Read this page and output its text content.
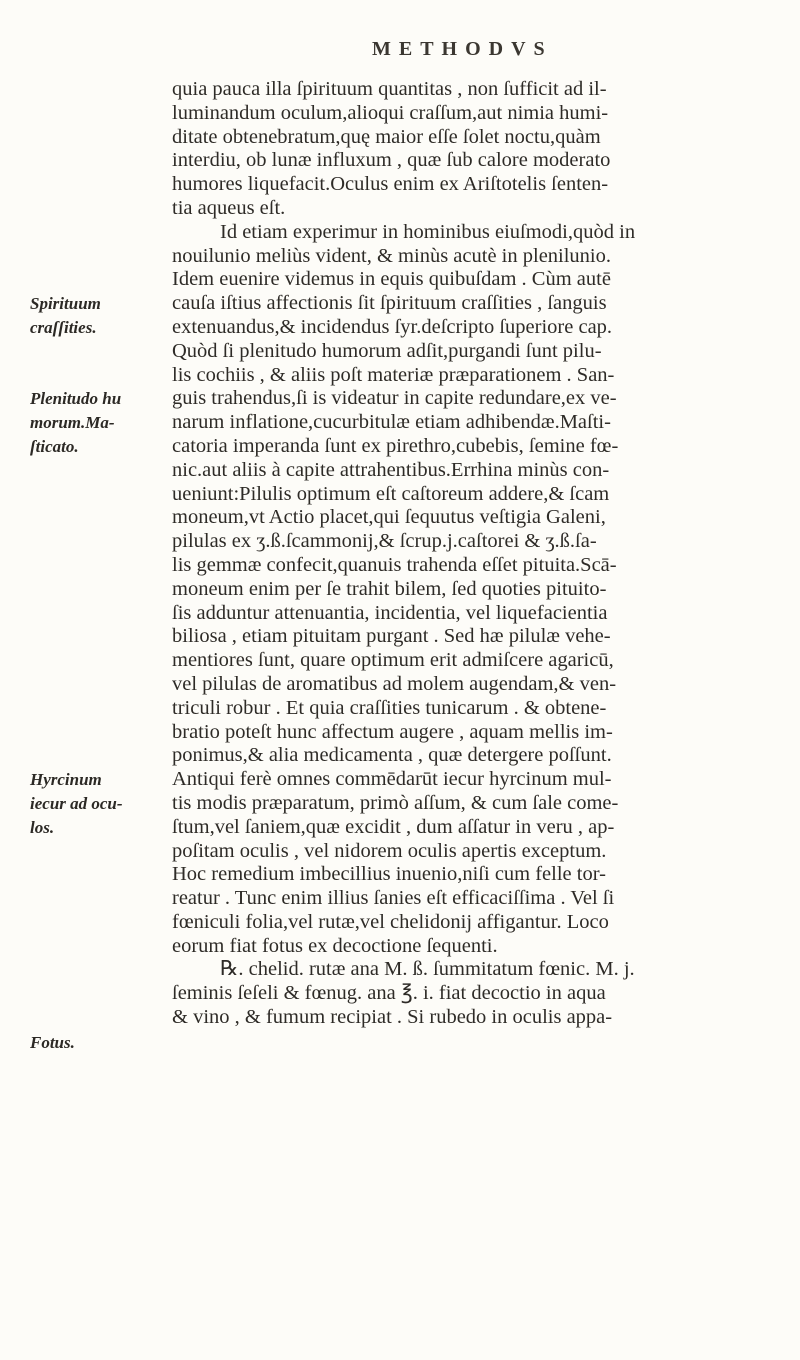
METHODVS
quia pauca illa ſpirituum quantitas , non ſufficit ad il-
luminandum oculum,alioqui craſſum,aut nimia humi-
ditate obtenebratum,quę maior eſſe ſolet noctu,quàm
interdiu, ob lunæ influxum , quæ ſub calore moderato
humores liquefacit.Oculus enim ex Ariſtotelis ſenten-
tia aqueus eſt.
Id etiam experimur in hominibus eiuſmodi,quòd in
nouilunio meliùs vident, & minùs acutè in plenilunio.
Idem euenire videmus in equis quibuſdam . Cùm autē
cauſa iſtius affectionis ſit ſpirituum craſſities , ſanguis
extenuandus,& incidendus ſyr.deſcripto ſuperiore cap.
Quòd ſi plenitudo humorum adſit,purgandi ſunt pilu-
lis cochiis , & aliis poſt materiæ præparationem . San-
guis trahendus,ſi is videatur in capite redundare,ex ve-
narum inflatione,cucurbitulæ etiam adhibendæ.Maſti-
catoria imperanda ſunt ex pirethro,cubebis, ſemine fœ-
nic.aut aliis à capite attrahentibus.Errhina minùs con-
ueniunt:Pilulis optimum eſt caſtoreum addere,& ſcam
moneum,vt Actio placet,qui ſequutus veſtigia Galeni,
pilulas ex ʒ.ß.ſcammonij,& ſcrup.j.caſtorei & ʒ.ß.ſa-
lis gemmæ confecit,quanuis trahenda eſſet pituita.Scā-
moneum enim per ſe trahit bilem, ſed quoties pituito-
ſis adduntur attenuantia, incidentia, vel liquefacientia
biliosa , etiam pituitam purgant . Sed hæ pilulæ vehe-
mentiores ſunt, quare optimum erit admiſcere agaricū,
vel pilulas de aromatibus ad molem augendam,& ven-
triculi robur . Et quia craſſities tunicarum . & obtene-
bratio poteſt hunc affectum augere , aquam mellis im-
ponimus,& alia medicamenta , quæ detergere poſſunt.
Antiqui ferè omnes commēdarūt iecur hyrcinum mul-
tis modis præparatum, primò aſſum, & cum ſale come-
ſtum,vel ſaniem,quæ excidit , dum aſſatur in veru , ap-
poſitam oculis , vel nidorem oculis apertis exceptum.
Hoc remedium imbecillius inuenio,niſi cum felle tor-
reatur . Tunc enim illius ſanies eſt efficaciſſima . Vel ſi
fœniculi folia,vel rutæ,vel chelidonij affigantur. Loco
eorum fiat fotus ex decoctione ſequenti.
℞. chelid. rutæ ana M. ß. ſummitatum fœnic. M. j.
ſeminis ſeſeli & fœnug. ana ℥. i. fiat decoctio in aqua
& vino , & fumum recipiat . Si rubedo in oculis appa-
Spirituum
craſſities.
Plenitudo hu
morum.Ma-
ſticato.
Hyrcinum
iecur ad ocu-
los.
Fotus.
